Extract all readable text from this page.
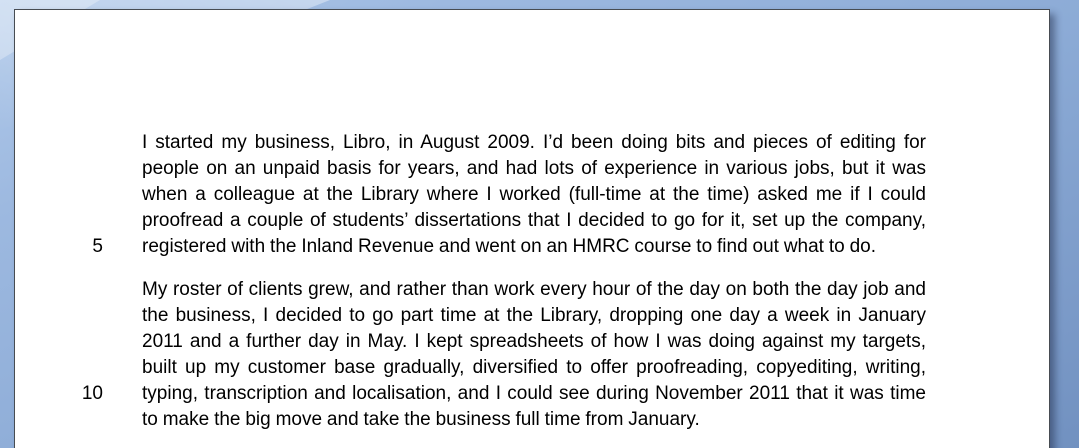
I started my business, Libro, in August 2009. I’d been doing bits and pieces of editing for
people on an unpaid basis for years, and had lots of experience in various jobs, but it was
when a colleague at the Library where I worked (full-time at the time) asked me if I could
proofread a couple of students’ dissertations that I decided to go for it, set up the company,
5 registered with the Inland Revenue and went on an HMRC course to find out what to do.
My roster of clients grew, and rather than work every hour of the day on both the day job and
the business, I decided to go part time at the Library, dropping one day a week in January
2011 and a further day in May. I kept spreadsheets of how I was doing against my targets,
built up my customer base gradually, diversified to offer proofreading, copyediting, writing,
10 typing, transcription and localisation, and I could see during November 2011 that it was time
to make the big move and take the business full time from January.
